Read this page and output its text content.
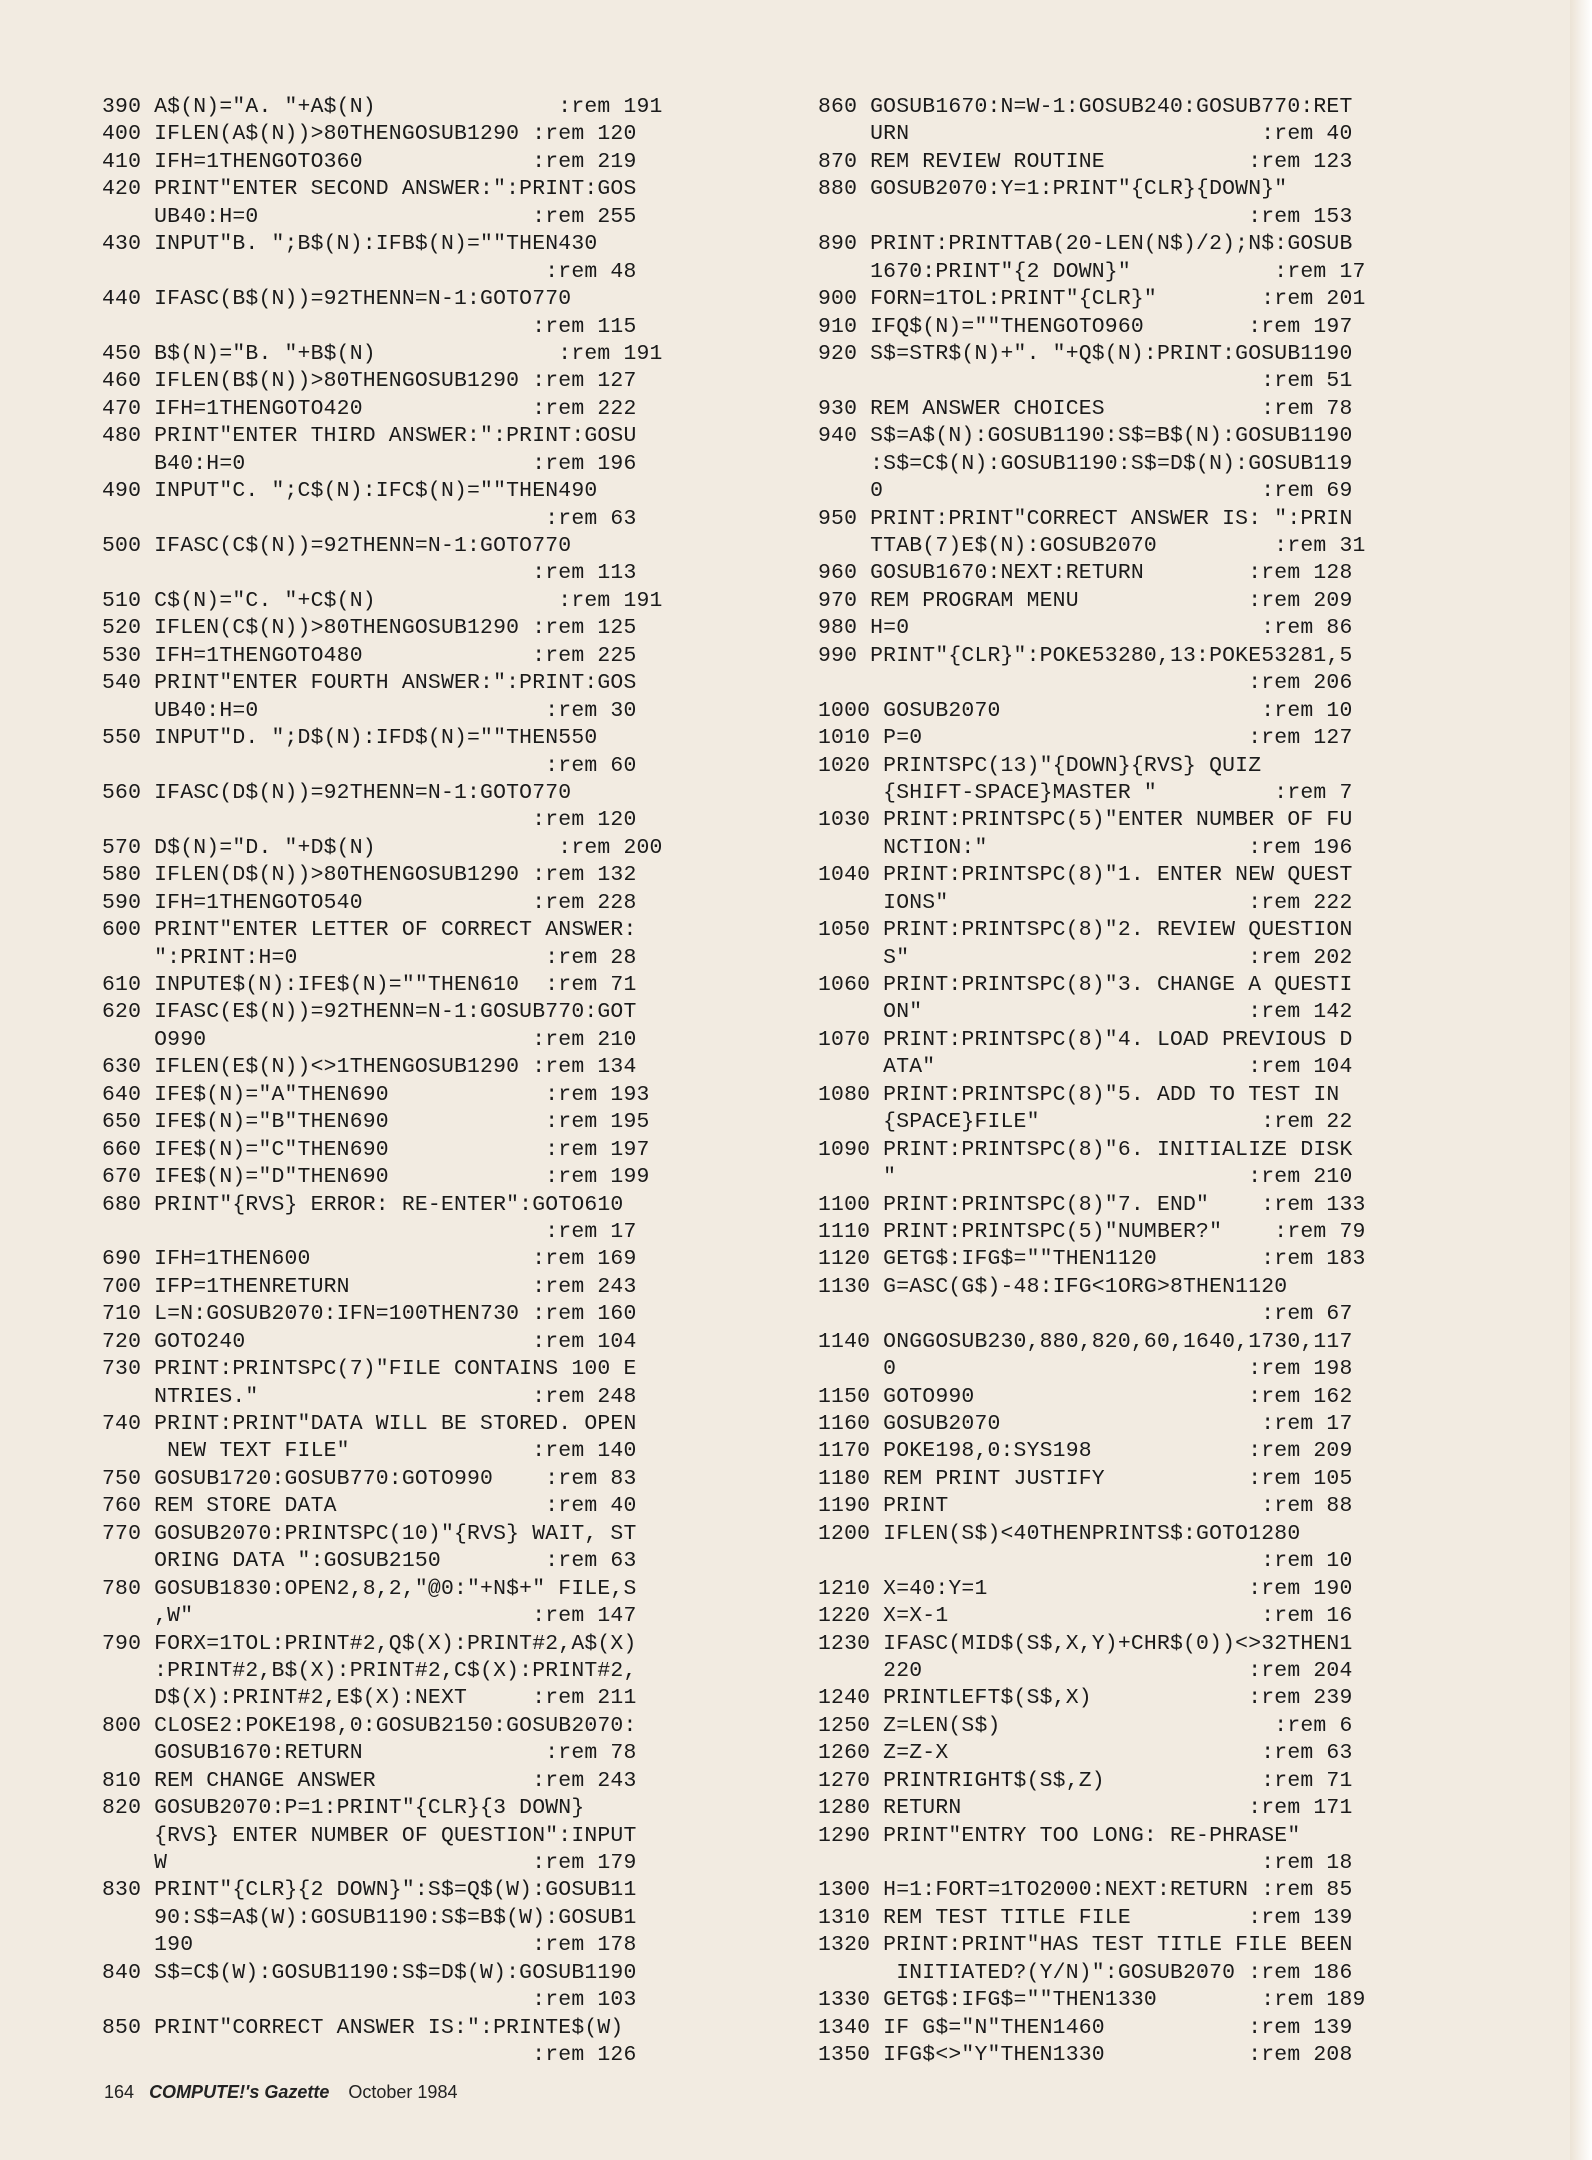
390 A$(N)="A. "+A$(N)              :rem 191
400 IFLEN(A$(N))>80THENGOSUB1290 :rem 120
410 IFH=1THENGOTO360             :rem 219
420 PRINT"ENTER SECOND ANSWER:":PRINT:GOS
UB40:H=0                     :rem 255
430 INPUT"B. ";B$(N):IFB$(N)=""THEN430
:rem 48
440 IFASC(B$(N))=92THENN=N-1:GOTO770
:rem 115
450 B$(N)="B. "+B$(N)              :rem 191
460 IFLEN(B$(N))>80THENGOSUB1290 :rem 127
470 IFH=1THENGOTO420             :rem 222
480 PRINT"ENTER THIRD ANSWER:":PRINT:GOSU
B40:H=0                      :rem 196
490 INPUT"C. ";C$(N):IFC$(N)=""THEN490
:rem 63
500 IFASC(C$(N))=92THENN=N-1:GOTO770
:rem 113
510 C$(N)="C. "+C$(N)              :rem 191
520 IFLEN(C$(N))>80THENGOSUB1290 :rem 125
530 IFH=1THENGOTO480             :rem 225
540 PRINT"ENTER FOURTH ANSWER:":PRINT:GOS
UB40:H=0                      :rem 30
550 INPUT"D. ";D$(N):IFD$(N)=""THEN550
:rem 60
560 IFASC(D$(N))=92THENN=N-1:GOTO770
:rem 120
570 D$(N)="D. "+D$(N)              :rem 200
580 IFLEN(D$(N))>80THENGOSUB1290 :rem 132
590 IFH=1THENGOTO540             :rem 228
600 PRINT"ENTER LETTER OF CORRECT ANSWER:
":PRINT:H=0                   :rem 28
610 INPUTE$(N):IFE$(N)=""THEN610  :rem 71
620 IFASC(E$(N))=92THENN=N-1:GOSUB770:GOT
O990                         :rem 210
630 IFLEN(E$(N))<>1THENGOSUB1290 :rem 134
640 IFE$(N)="A"THEN690            :rem 193
650 IFE$(N)="B"THEN690            :rem 195
660 IFE$(N)="C"THEN690            :rem 197
670 IFE$(N)="D"THEN690            :rem 199
680 PRINT"{RVS} ERROR: RE-ENTER":GOTO610
:rem 17
690 IFH=1THEN600                 :rem 169
700 IFP=1THENRETURN              :rem 243
710 L=N:GOSUB2070:IFN=100THEN730 :rem 160
720 GOTO240                      :rem 104
730 PRINT:PRINTSPC(7)"FILE CONTAINS 100 E
NTRIES."                     :rem 248
740 PRINT:PRINT"DATA WILL BE STORED. OPEN
NEW TEXT FILE"              :rem 140
750 GOSUB1720:GOSUB770:GOTO990    :rem 83
760 REM STORE DATA                :rem 40
770 GOSUB2070:PRINTSPC(10)"{RVS} WAIT, ST
ORING DATA ":GOSUB2150        :rem 63
780 GOSUB1830:OPEN2,8,2,"@0:"+N$+" FILE,S
,W"                          :rem 147
790 FORX=1TOL:PRINT#2,Q$(X):PRINT#2,A$(X)
:PRINT#2,B$(X):PRINT#2,C$(X):PRINT#2,
D$(X):PRINT#2,E$(X):NEXT     :rem 211
800 CLOSE2:POKE198,0:GOSUB2150:GOSUB2070:
GOSUB1670:RETURN              :rem 78
810 REM CHANGE ANSWER            :rem 243
820 GOSUB2070:P=1:PRINT"{CLR}{3 DOWN}
{RVS} ENTER NUMBER OF QUESTION":INPUT
W                            :rem 179
830 PRINT"{CLR}{2 DOWN}":S$=Q$(W):GOSUB11
90:S$=A$(W):GOSUB1190:S$=B$(W):GOSUB1
190                          :rem 178
840 S$=C$(W):GOSUB1190:S$=D$(W):GOSUB1190
:rem 103
850 PRINT"CORRECT ANSWER IS:":PRINTE$(W)
:rem 126
860 GOSUB1670:N=W-1:GOSUB240:GOSUB770:RET
URN                           :rem 40
870 REM REVIEW ROUTINE           :rem 123
880 GOSUB2070:Y=1:PRINT"{CLR}{DOWN}"
:rem 153
890 PRINT:PRINTTAB(20-LEN(N$)/2);N$:GOSUB
1670:PRINT"{2 DOWN}"           :rem 17
900 FORN=1TOL:PRINT"{CLR}"        :rem 201
910 IFQ$(N)=""THENGOTO960        :rem 197
920 S$=STR$(N)+". "+Q$(N):PRINT:GOSUB1190
:rem 51
930 REM ANSWER CHOICES            :rem 78
940 S$=A$(N):GOSUB1190:S$=B$(N):GOSUB1190
:S$=C$(N):GOSUB1190:S$=D$(N):GOSUB119
0                             :rem 69
950 PRINT:PRINT"CORRECT ANSWER IS: ":PRIN
TTAB(7)E$(N):GOSUB2070         :rem 31
960 GOSUB1670:NEXT:RETURN        :rem 128
970 REM PROGRAM MENU             :rem 209
980 H=0                           :rem 86
990 PRINT"{CLR}":POKE53280,13:POKE53281,5
:rem 206
1000 GOSUB2070                    :rem 10
1010 P=0                         :rem 127
1020 PRINTSPC(13)"{DOWN}{RVS} QUIZ
{SHIFT-SPACE}MASTER "         :rem 7
1030 PRINT:PRINTSPC(5)"ENTER NUMBER OF FU
NCTION:"                    :rem 196
1040 PRINT:PRINTSPC(8)"1. ENTER NEW QUEST
IONS"                       :rem 222
1050 PRINT:PRINTSPC(8)"2. REVIEW QUESTION
S"                          :rem 202
1060 PRINT:PRINTSPC(8)"3. CHANGE A QUESTI
ON"                         :rem 142
1070 PRINT:PRINTSPC(8)"4. LOAD PREVIOUS D
ATA"                        :rem 104
1080 PRINT:PRINTSPC(8)"5. ADD TO TEST IN
{SPACE}FILE"                 :rem 22
1090 PRINT:PRINTSPC(8)"6. INITIALIZE DISK
"                           :rem 210
1100 PRINT:PRINTSPC(8)"7. END"    :rem 133
1110 PRINT:PRINTSPC(5)"NUMBER?"    :rem 79
1120 GETG$:IFG$=""THEN1120        :rem 183
1130 G=ASC(G$)-48:IFG<1ORG>8THEN1120
:rem 67
1140 ONGGOSUB230,880,820,60,1640,1730,117
0                           :rem 198
1150 GOTO990                     :rem 162
1160 GOSUB2070                    :rem 17
1170 POKE198,0:SYS198            :rem 209
1180 REM PRINT JUSTIFY           :rem 105
1190 PRINT                        :rem 88
1200 IFLEN(S$)<40THENPRINTS$:GOTO1280
:rem 10
1210 X=40:Y=1                    :rem 190
1220 X=X-1                        :rem 16
1230 IFASC(MID$(S$,X,Y)+CHR$(0))<>32THEN1
220                         :rem 204
1240 PRINTLEFT$(S$,X)            :rem 239
1250 Z=LEN(S$)                     :rem 6
1260 Z=Z-X                        :rem 63
1270 PRINTRIGHT$(S$,Z)            :rem 71
1280 RETURN                      :rem 171
1290 PRINT"ENTRY TOO LONG: RE-PHRASE"
:rem 18
1300 H=1:FORT=1TO2000:NEXT:RETURN :rem 85
1310 REM TEST TITLE FILE         :rem 139
1320 PRINT:PRINT"HAS TEST TITLE FILE BEEN
INITIATED?(Y/N)":GOSUB2070 :rem 186
1330 GETG$:IFG$=""THEN1330        :rem 189
1340 IF G$="N"THEN1460           :rem 139
1350 IFG$<>"Y"THEN1330           :rem 208
164 COMPUTE!'s Gazette October 1984
